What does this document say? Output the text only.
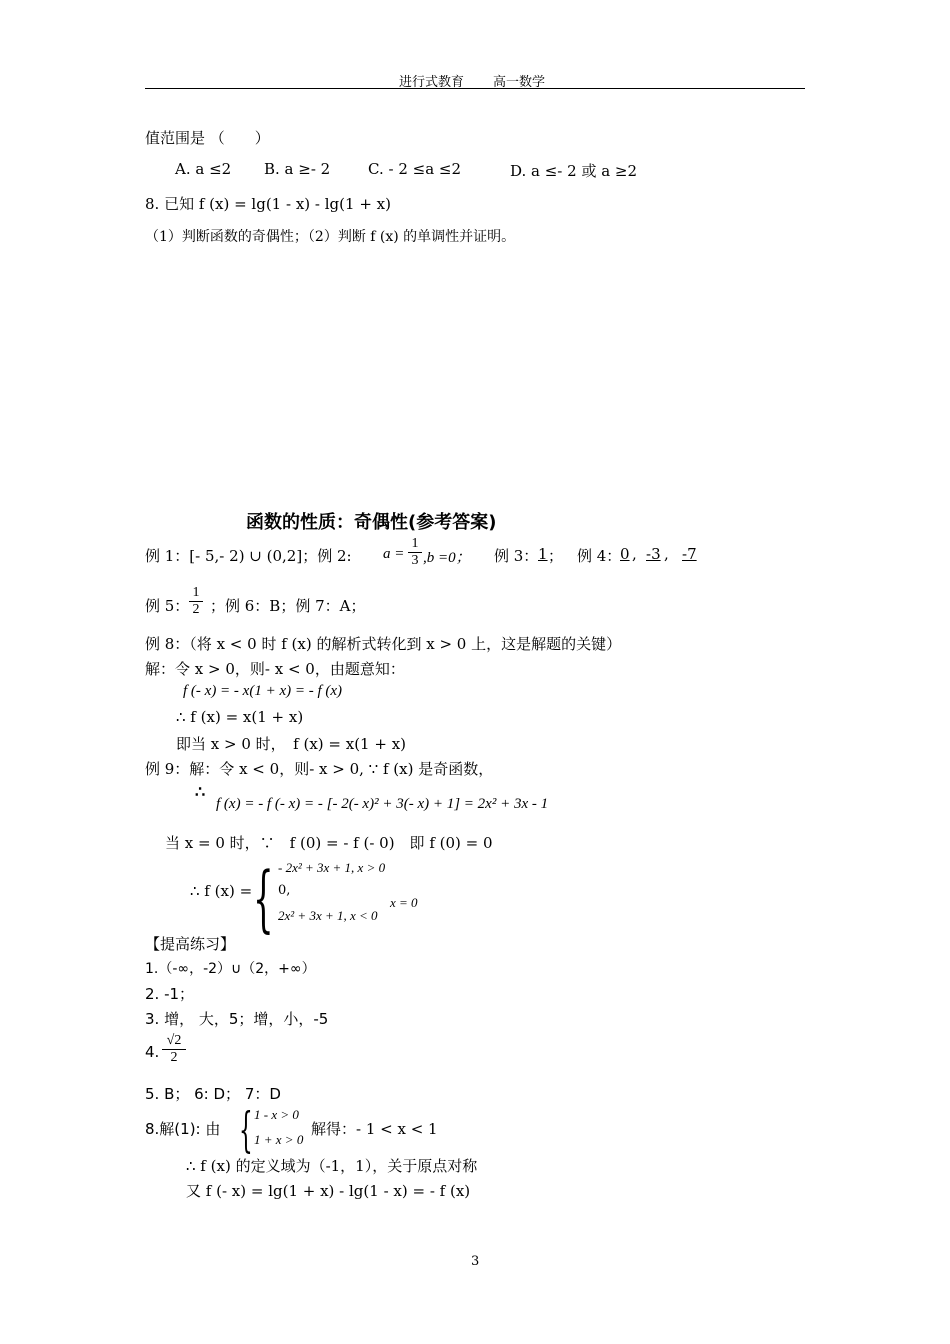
进行式教育 高一数学
值范围是 （　　）
A. a ≤2 B. a ≥- 2	C. - 2 ≤a ≤2	D. a ≤- 2 或 a ≥2
8. 已知 f (x) = lg(1 - x) - lg(1 + x)
（1）判断函数的奇偶性；（2）判断 f (x) 的单调性并证明。
函数的性质：奇偶性(参考答案)
例 1：[- 5,- 2) ∪ (0,2]；例 2: $a = \frac{1}{3} ,b =0$； 例 3： 1 ； 例 4：
0 , -3 , -7
例 5： $\frac{1}{2}$ ；例 6：B；例 7：A；
例 8：（将 x < 0 时 f (x) 的解析式转化到 x > 0 上，这是解题的关键）
解：令 x > 0，则- x < 0，由题意知：
f (- x) = - x(1 + x) = - f (x)
∴ f (x) = x(1 + x)
即当 x > 0 时，　f (x) = x(1 + x)
例 9：解：令 x < 0，则- x > 0, ∵ f (x) 是奇函数，
∴
f (x) = - f (- x) = - [- 2(- x)² + 3(- x) + 1] = 2x² + 3x - 1
当 x = 0 时，∵　f (0) = - f (- 0)　即 f (0) = 0
∴ f (x) = { - 2x² + 3x + 1, x > 0
0,
x = 0
2x² + 3x + 1, x < 0
【提高练习】
1.（-∞，-2）∪（2，+∞）
2. -1；
3. 增， 大，5；增，小，-5
4. $\frac{√2}{2}$
5. B； 6: D； 7：D
8.解(1): 由 { 1 - x > 0
1 + x > 0
解得：- 1 < x < 1
∴ f (x) 的定义域为（-1，1），关于原点对称
又 f (- x) = lg(1 + x) - lg(1 - x) = - f (x)
3
